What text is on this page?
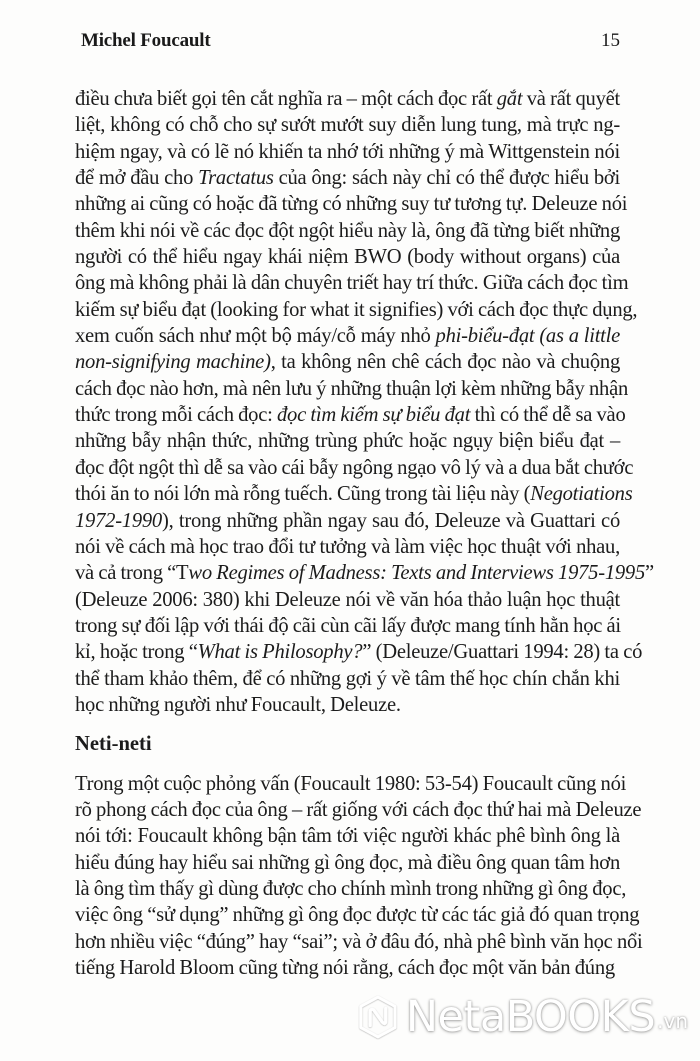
Michel Foucault	15
điều chưa biết gọi tên cắt nghĩa ra – một cách đọc rất gắt và rất quyết
liệt, không có chỗ cho sự sướt mướt suy diễn lung tung, mà trực ng-
hiệm ngay, và có lẽ nó khiến ta nhớ tới những ý mà Wittgenstein nói
để mở đầu cho Tractatus của ông: sách này chỉ có thể được hiểu bởi
những ai cũng có hoặc đã từng có những suy tư tương tự. Deleuze nói
thêm khi nói về các đọc đột ngột hiểu này là, ông đã từng biết những
người có thể hiểu ngay khái niệm BWO (body without organs) của
ông mà không phải là dân chuyên triết hay trí thức. Giữa cách đọc tìm
kiếm sự biểu đạt (looking for what it signifies) với cách đọc thực dụng,
xem cuốn sách như một bộ máy/cỗ máy nhỏ phi-biểu-đạt (as a little
non-signifying machine), ta không nên chê cách đọc nào và chuộng
cách đọc nào hơn, mà nên lưu ý những thuận lợi kèm những bẫy nhận
thức trong mỗi cách đọc: đọc tìm kiếm sự biểu đạt thì có thể dễ sa vào
những bẫy nhận thức, những trùng phức hoặc ngụy biện biểu đạt –
đọc đột ngột thì dễ sa vào cái bẫy ngông ngạo vô lý và a dua bắt chước
thói ăn to nói lớn mà rỗng tuếch. Cũng trong tài liệu này (Negotiations
1972-1990), trong những phần ngay sau đó, Deleuze và Guattari có
nói về cách mà học trao đổi tư tưởng và làm việc học thuật với nhau,
và cả trong “Two Regimes of Madness: Texts and Interviews 1975-1995”
(Deleuze 2006: 380) khi Deleuze nói về văn hóa thảo luận học thuật
trong sự đối lập với thái độ cãi cùn cãi lấy được mang tính hằn học ái
kỉ, hoặc trong “What is Philosophy?” (Deleuze/Guattari 1994: 28) ta có
thể tham khảo thêm, để có những gợi ý về tâm thế học chín chắn khi
học những người như Foucault, Deleuze.
Neti-neti
Trong một cuộc phỏng vấn (Foucault 1980: 53-54) Foucault cũng nói
rõ phong cách đọc của ông – rất giống với cách đọc thứ hai mà Deleuze
nói tới: Foucault không bận tâm tới việc người khác phê bình ông là
hiểu đúng hay hiểu sai những gì ông đọc, mà điều ông quan tâm hơn
là ông tìm thấy gì dùng được cho chính mình trong những gì ông đọc,
việc ông “sử dụng” những gì ông đọc được từ các tác giả đó quan trọng
hơn nhiều việc “đúng” hay “sai”; và ở đâu đó, nhà phê bình văn học nổi
tiếng Harold Bloom cũng từng nói rằng, cách đọc một văn bản đúng
NetaBOOKS .vn
